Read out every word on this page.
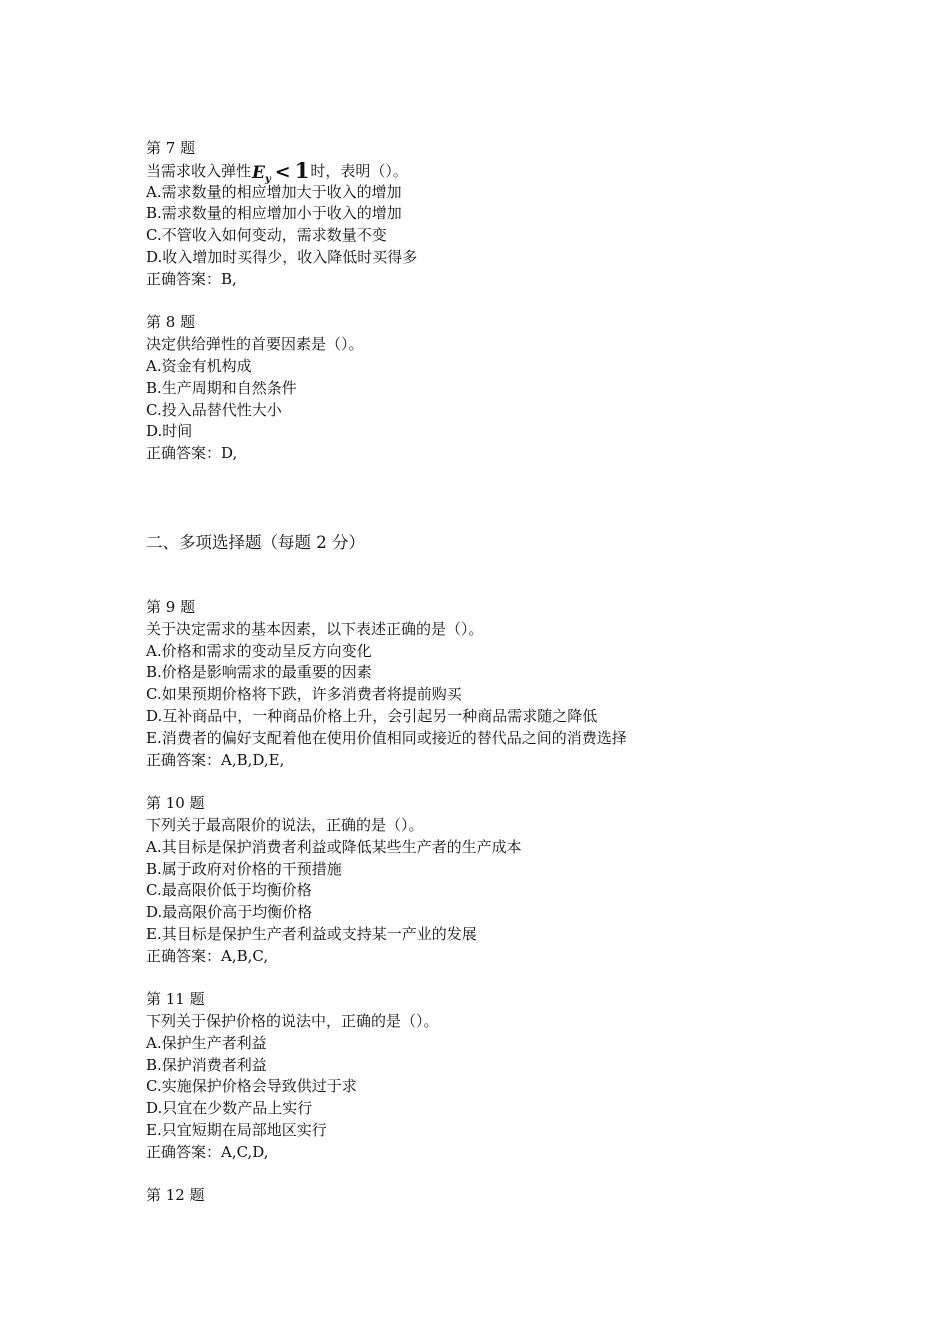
第 7 题
当需求收入弹性$E_y < 1$时，表明（）。
A.需求数量的相应增加大于收入的增加
B.需求数量的相应增加小于收入的增加
C.不管收入如何变动，需求数量不变
D.收入增加时买得少，收入降低时买得多
正确答案：B,
第 8 题
决定供给弹性的首要因素是（）。
A.资金有机构成
B.生产周期和自然条件
C.投入品替代性大小
D.时间
正确答案：D,
二、多项选择题（每题 2 分）
第 9 题
关于决定需求的基本因素，以下表述正确的是（）。
A.价格和需求的变动呈反方向变化
B.价格是影响需求的最重要的因素
C.如果预期价格将下跌，许多消费者将提前购买
D.互补商品中，一种商品价格上升，会引起另一种商品需求随之降低
E.消费者的偏好支配着他在使用价值相同或接近的替代品之间的消费选择
正确答案：A,B,D,E,
第 10 题
下列关于最高限价的说法，正确的是（）。
A.其目标是保护消费者利益或降低某些生产者的生产成本
B.属于政府对价格的干预措施
C.最高限价低于均衡价格
D.最高限价高于均衡价格
E.其目标是保护生产者利益或支持某一产业的发展
正确答案：A,B,C,
第 11 题
下列关于保护价格的说法中，正确的是（）。
A.保护生产者利益
B.保护消费者利益
C.实施保护价格会导致供过于求
D.只宜在少数产品上实行
E.只宜短期在局部地区实行
正确答案：A,C,D,
第 12 题
